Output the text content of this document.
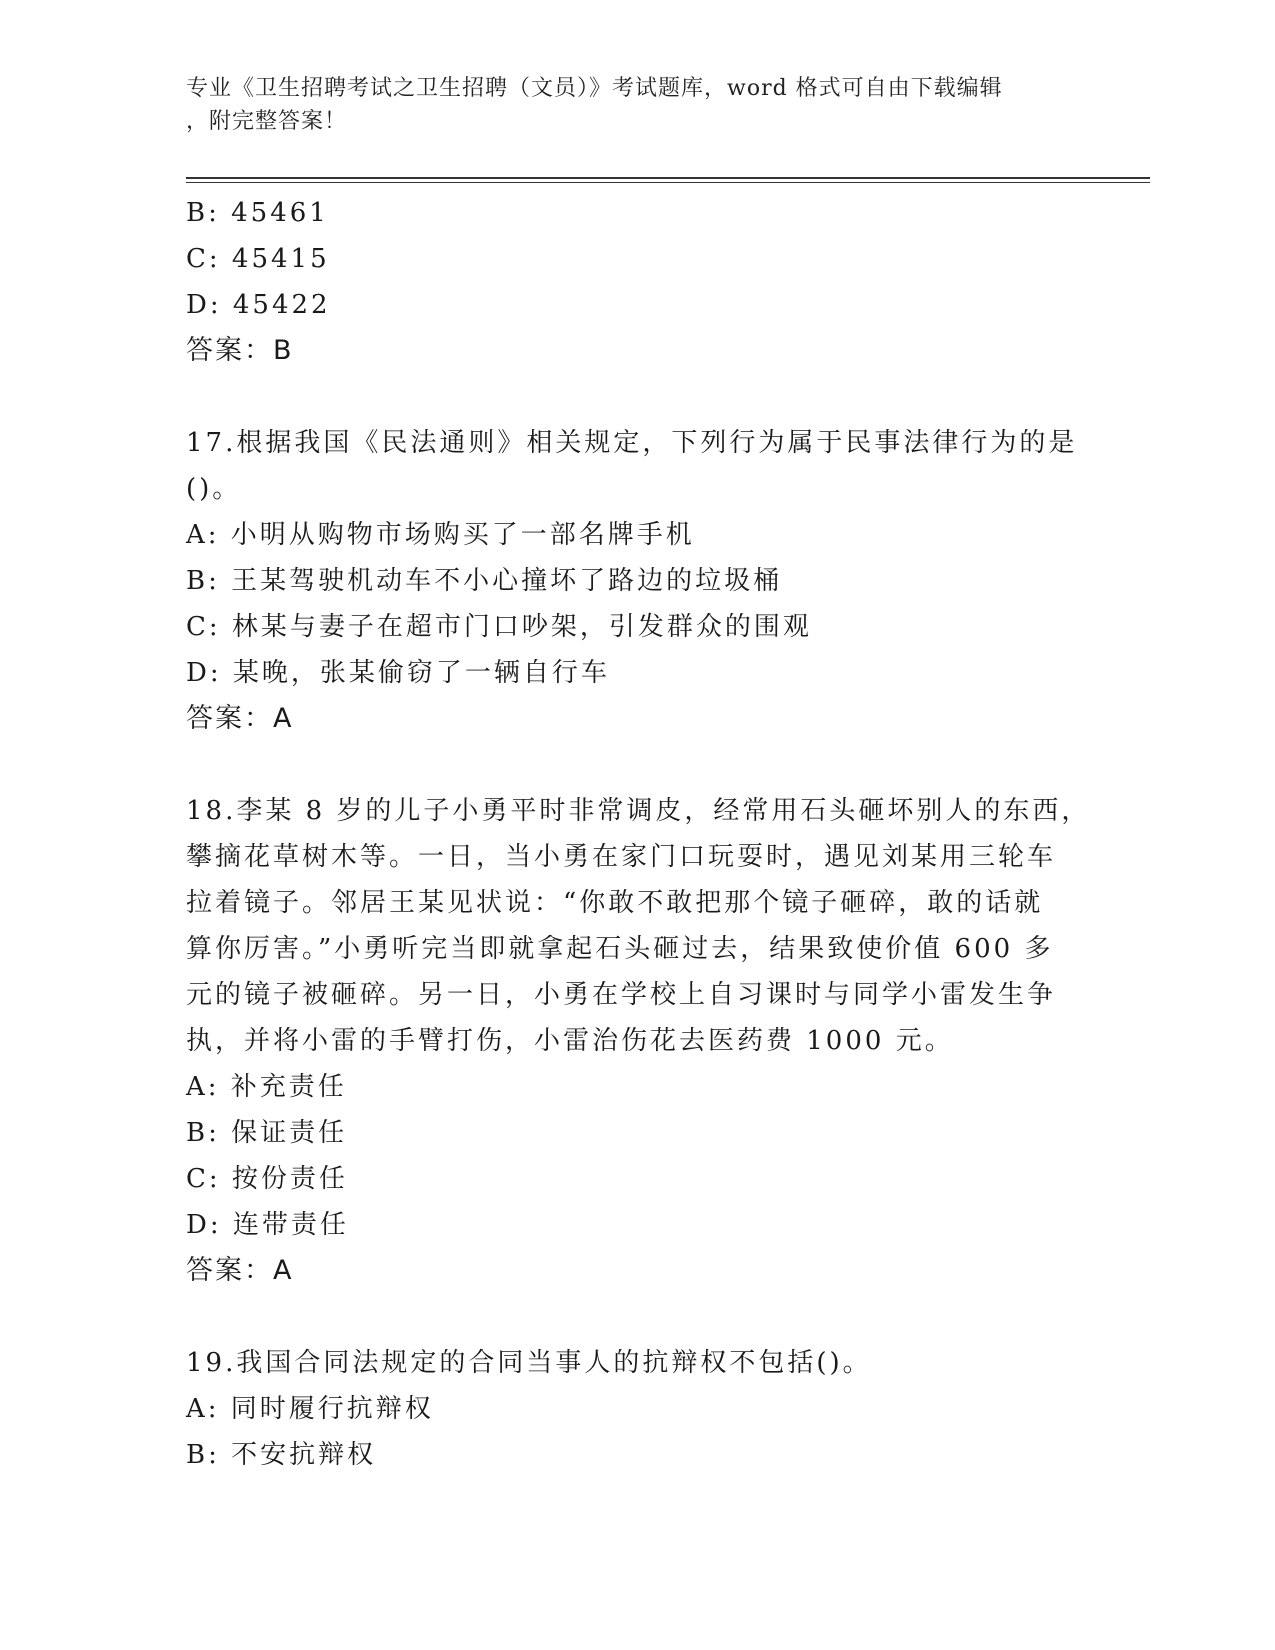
专业《卫生招聘考试之卫生招聘（文员）》考试题库，word 格式可自由下载编辑
，附完整答案！
B: 45461
C: 45415
D: 45422
答案：B
17.根据我国《民法通则》相关规定，下列行为属于民事法律行为的是
()。
A: 小明从购物市场购买了一部名牌手机
B: 王某驾驶机动车不小心撞坏了路边的垃圾桶
C: 林某与妻子在超市门口吵架，引发群众的围观
D: 某晚，张某偷窃了一辆自行车
答案：A
18.李某 8 岁的儿子小勇平时非常调皮，经常用石头砸坏别人的东西，
攀摘花草树木等。一日，当小勇在家门口玩耍时，遇见刘某用三轮车
拉着镜子。邻居王某见状说：“你敢不敢把那个镜子砸碎，敢的话就
算你厉害。”小勇听完当即就拿起石头砸过去，结果致使价值 600 多
元的镜子被砸碎。另一日，小勇在学校上自习课时与同学小雷发生争
执，并将小雷的手臂打伤，小雷治伤花去医药费 1000 元。
A: 补充责任
B: 保证责任
C: 按份责任
D: 连带责任
答案：A
19.我国合同法规定的合同当事人的抗辩权不包括()。
A: 同时履行抗辩权
B: 不安抗辩权
